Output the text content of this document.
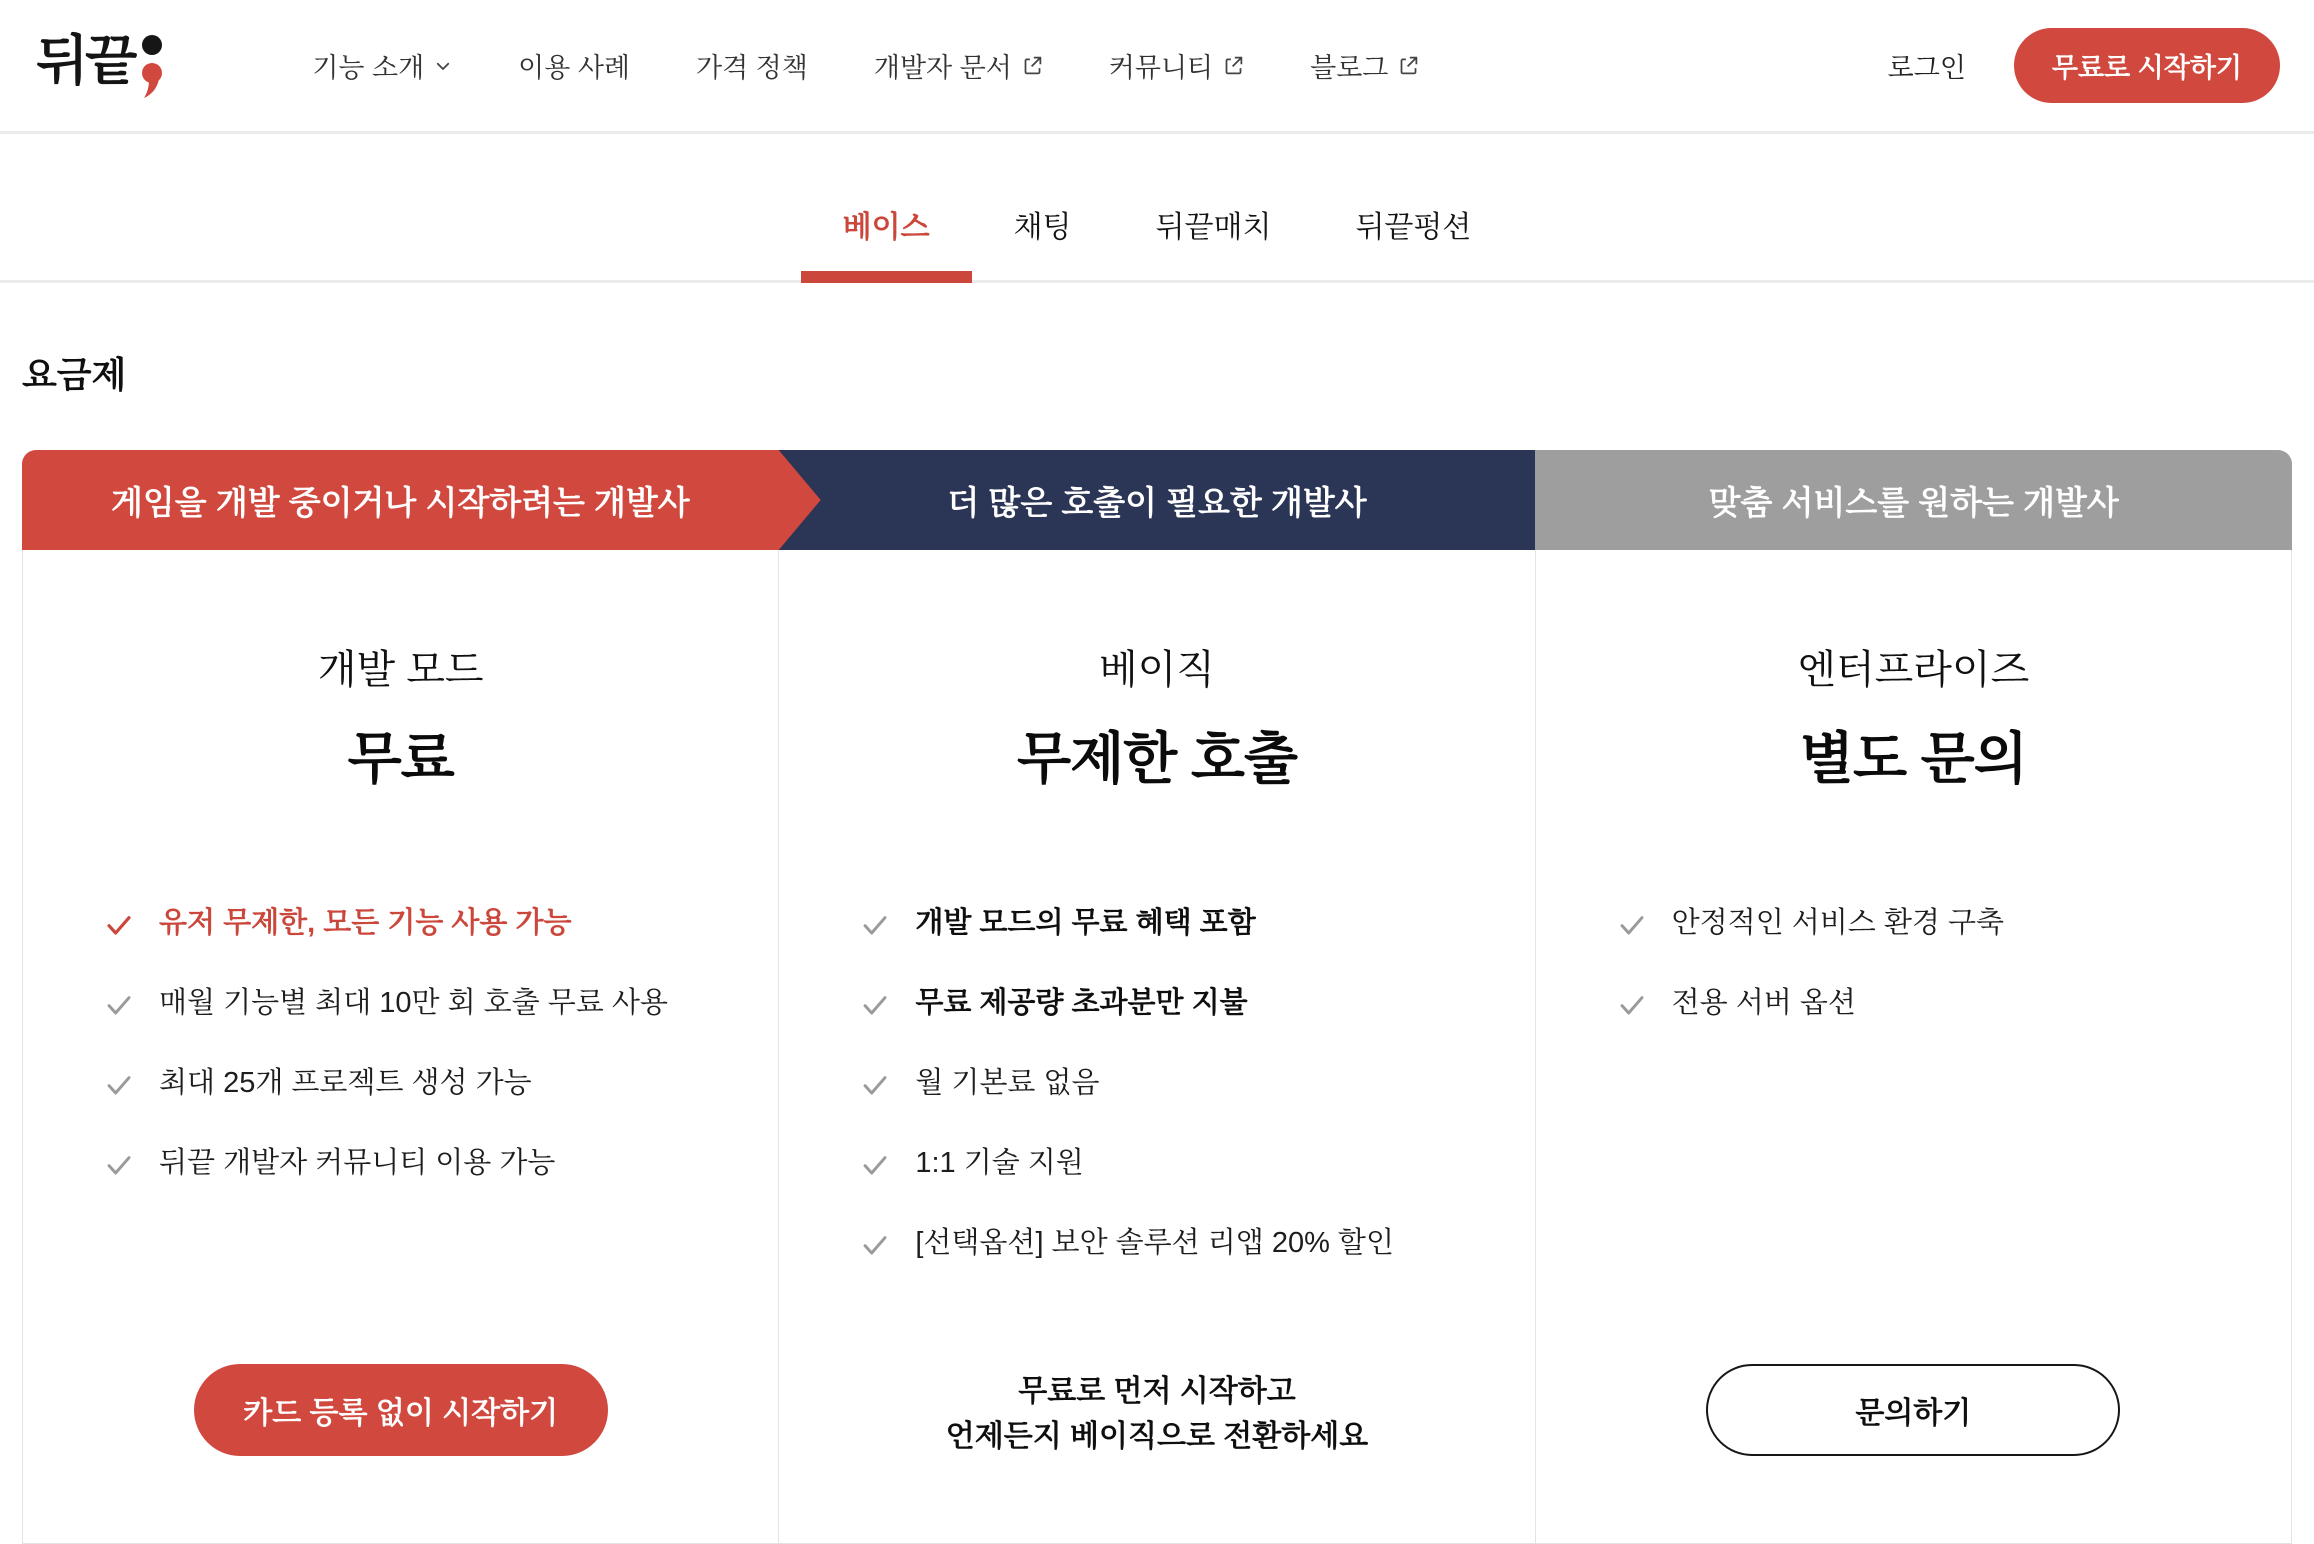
뒤끝	기능 소개	이용 사례 가격 정책 개발자 문서	커뮤니티	블로그	로그인	무료로 시작하기
베이스	채팅	뒤끝매치	뒤끝펑션
요금제
게임을 개발 중이거나 시작하려는 개발사	더 많은 호출이 필요한 개발사	맞춤 서비스를 원하는 개발사
개발 모드
무료
유저 무제한, 모든 기능 사용 가능
매월 기능별 최대 10만 회 호출 무료 사용
최대 25개 프로젝트 생성 가능
뒤끝 개발자 커뮤니티 이용 가능
카드 등록 없이 시작하기
베이직
무제한 호출
개발 모드의 무료 혜택 포함
무료 제공량 초과분만 지불
월 기본료 없음
1:1 기술 지원
[선택옵션] 보안 솔루션 리앱 20% 할인
무료로 먼저 시작하고
언제든지 베이직으로 전환하세요
엔터프라이즈
별도 문의
안정적인 서비스 환경 구축
전용 서버 옵션
문의하기
